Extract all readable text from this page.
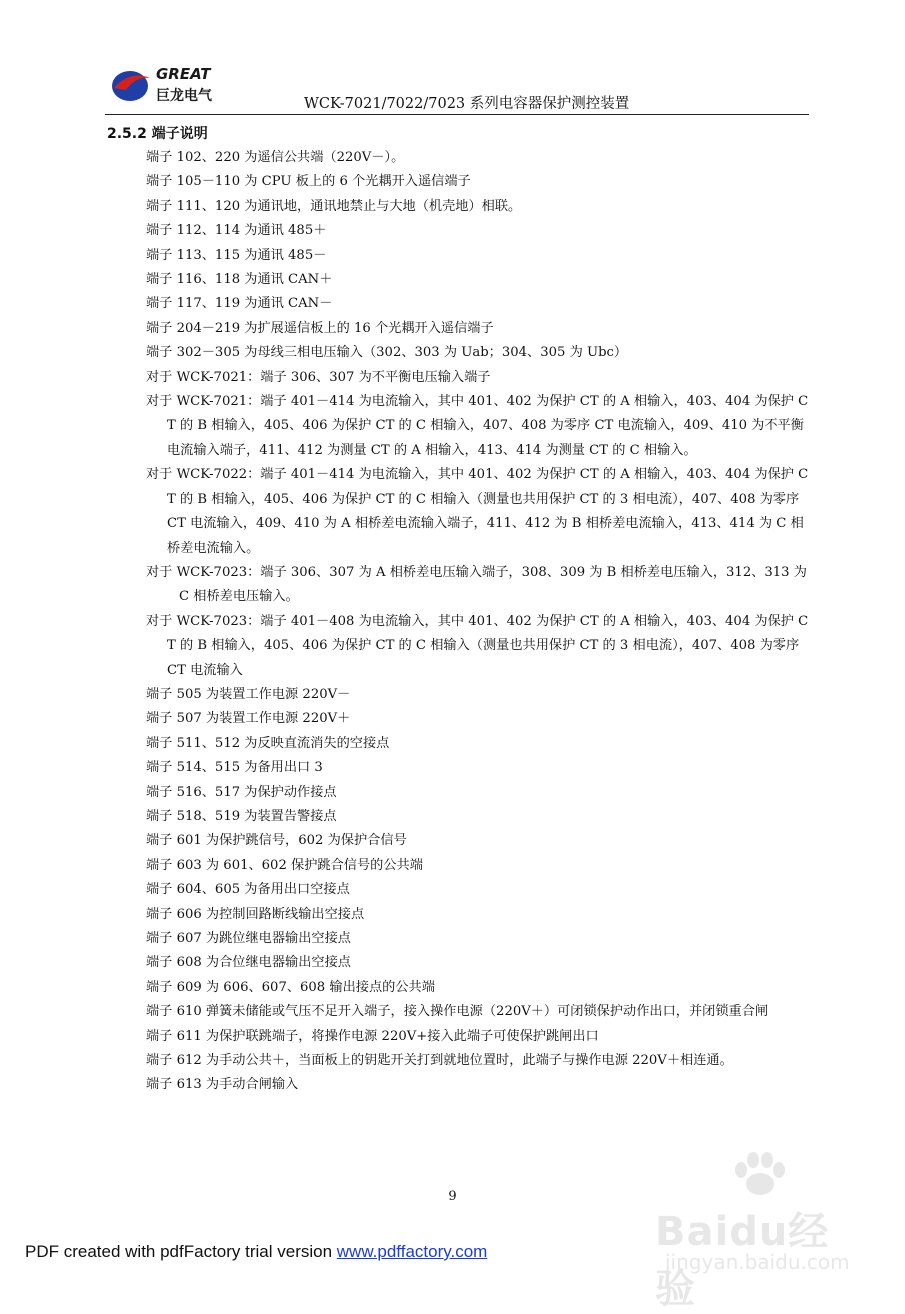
GREAT
巨龙电气	WCK-7021/7022/7023 系列电容器保护测控装置
2.5.2 端子说明
端子 102、220 为遥信公共端（220V－）。
端子 105－110 为 CPU 板上的 6 个光耦开入遥信端子
端子 111、120 为通讯地，通讯地禁止与大地（机壳地）相联。
端子 112、114 为通讯 485＋
端子 113、115 为通讯 485－
端子 116、118 为通讯 CAN＋
端子 117、119 为通讯 CAN－
端子 204－219 为扩展遥信板上的 16 个光耦开入遥信端子
端子 302－305 为母线三相电压输入（302、303 为 Uab；304、305 为 Ubc）
对于 WCK-7021：端子 306、307 为不平衡电压输入端子
对于 WCK-7021：端子 401－414 为电流输入，其中 401、402 为保护 CT 的 A 相输入，403、404 为保护 CT 的 B 相输入，405、406 为保护 CT 的 C 相输入，407、408 为零序 CT 电流输入，409、410 为不平衡电流输入端子，411、412 为测量 CT 的 A 相输入，413、414 为测量 CT 的 C 相输入。
对于 WCK-7022：端子 401－414 为电流输入，其中 401、402 为保护 CT 的 A 相输入，403、404 为保护 CT 的 B 相输入，405、406 为保护 CT 的 C 相输入（测量也共用保护 CT 的 3 相电流），407、408 为零序 CT 电流输入，409、410 为 A 相桥差电流输入端子，411、412 为 B 相桥差电流输入，413、414 为 C 相桥差电流输入。
对于 WCK-7023：端子 306、307 为 A 相桥差电压输入端子，308、309 为 B 相桥差电压输入，312、313 为 C 相桥差电压输入。
对于 WCK-7023：端子 401－408 为电流输入，其中 401、402 为保护 CT 的 A 相输入，403、404 为保护 CT 的 B 相输入，405、406 为保护 CT 的 C 相输入（测量也共用保护 CT 的 3 相电流），407、408 为零序 CT 电流输入
端子 505 为装置工作电源 220V－
端子 507 为装置工作电源 220V＋
端子 511、512 为反映直流消失的空接点
端子 514、515 为备用出口 3
端子 516、517 为保护动作接点
端子 518、519 为装置告警接点
端子 601 为保护跳信号，602 为保护合信号
端子 603 为 601、602 保护跳合信号的公共端
端子 604、605 为备用出口空接点
端子 606 为控制回路断线输出空接点
端子 607 为跳位继电器输出空接点
端子 608 为合位继电器输出空接点
端子 609 为 606、607、608 输出接点的公共端
端子 610 弹簧未储能或气压不足开入端子，接入操作电源（220V＋）可闭锁保护动作出口，并闭锁重合闸
端子 611 为保护联跳端子，将操作电源 220V+接入此端子可使保护跳闸出口
端子 612 为手动公共＋，当面板上的钥匙开关打到就地位置时，此端子与操作电源 220V＋相连通。
端子 613 为手动合闸输入
9
Baidu经验
jingyan.baidu.com
PDF created with pdfFactory trial version www.pdffactory.com
